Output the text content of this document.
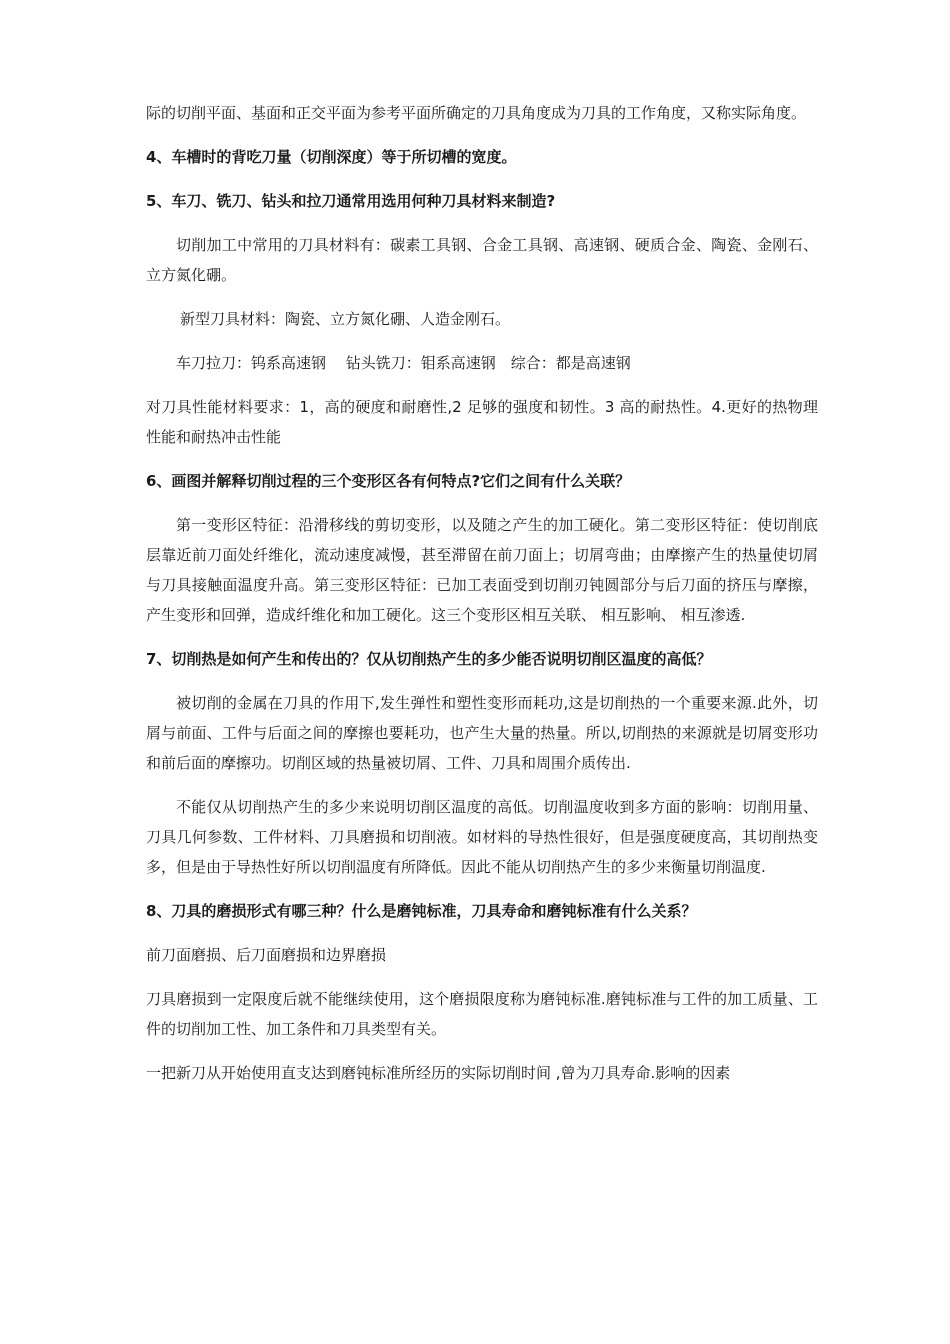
际的切削平面、基面和正交平面为参考平面所确定的刀具角度成为刀具的工作角度，又称实际角度。

4、车槽时的背吃刀量（切削深度）等于所切槽的宽度。

5、车刀、铣刀、钻头和拉刀通常用选用何种刀具材料来制造?

切削加工中常用的刀具材料有：碳素工具钢、合金工具钢、高速钢、硬质合金、陶瓷、金刚石、立方氮化硼。

新型刀具材料：陶瓷、立方氮化硼、人造金刚石。

车刀拉刀：钨系高速钢　 钻头铣刀：钼系高速钢　综合：都是高速钢

对刀具性能材料要求：1，高的硬度和耐磨性,2 足够的强度和韧性。3 高的耐热性。4.更好的热物理性能和耐热冲击性能

6、画图并解释切削过程的三个变形区各有何特点?它们之间有什么关联？

第一变形区特征：沿滑移线的剪切变形，以及随之产生的加工硬化。第二变形区特征：使切削底层靠近前刀面处纤维化，流动速度减慢，甚至滞留在前刀面上；切屑弯曲；由摩擦产生的热量使切屑与刀具接触面温度升高。第三变形区特征：已加工表面受到切削刃钝圆部分与后刀面的挤压与摩擦，产生变形和回弹，造成纤维化和加工硬化。这三个变形区相互关联、 相互影响、 相互渗透.

7、切削热是如何产生和传出的？仅从切削热产生的多少能否说明切削区温度的高低？

被切削的金属在刀具的作用下,发生弹性和塑性变形而耗功,这是切削热的一个重要来源.此外，切屑与前面、工件与后面之间的摩擦也要耗功，也产生大量的热量。所以,切削热的来源就是切屑变形功和前后面的摩擦功。切削区域的热量被切屑、工件、刀具和周围介质传出.

不能仅从切削热产生的多少来说明切削区温度的高低。切削温度收到多方面的影响：切削用量、刀具几何参数、工件材料、刀具磨损和切削液。如材料的导热性很好，但是强度硬度高，其切削热变多，但是由于导热性好所以切削温度有所降低。因此不能从切削热产生的多少来衡量切削温度.

8、刀具的磨损形式有哪三种？什么是磨钝标准，刀具寿命和磨钝标准有什么关系？

前刀面磨损、后刀面磨损和边界磨损

刀具磨损到一定限度后就不能继续使用，这个磨损限度称为磨钝标准.磨钝标准与工件的加工质量、工件的切削加工性、加工条件和刀具类型有关。

一把新刀从开始使用直支达到磨钝标准所经历的实际切削时间 ,曾为刀具寿命.影响的因素
